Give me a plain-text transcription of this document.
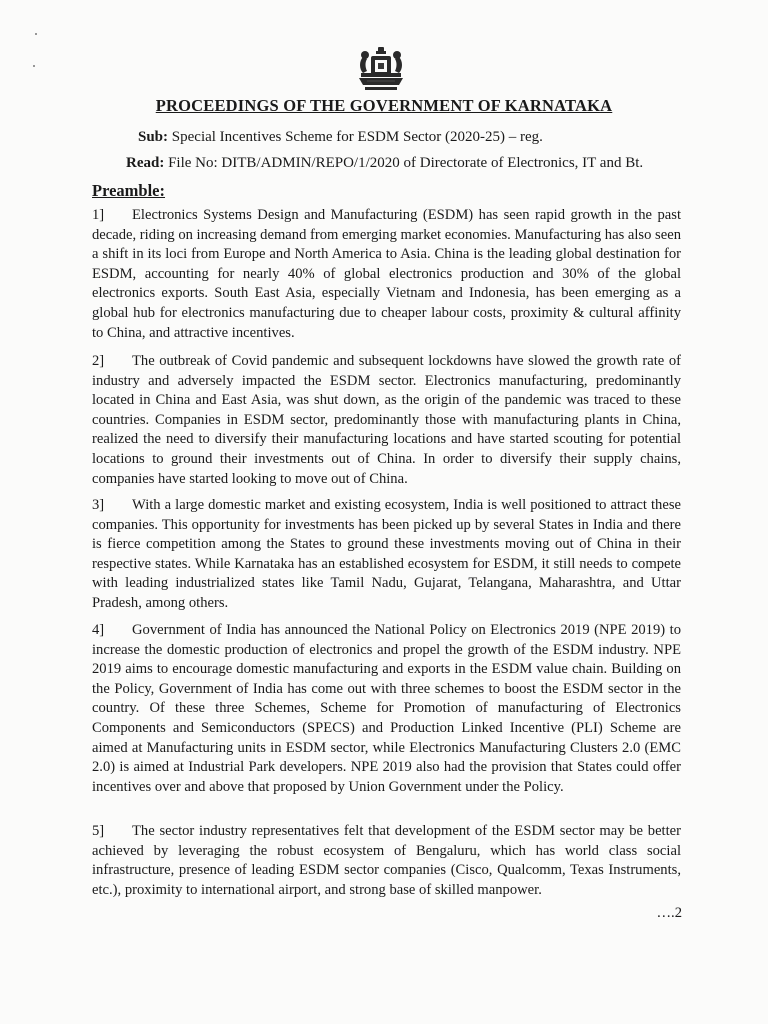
PROCEEDINGS OF THE GOVERNMENT OF KARNATAKA
Sub: Special Incentives Scheme for ESDM Sector (2020-25) – reg.
Read: File No: DITB/ADMIN/REPO/1/2020 of Directorate of Electronics, IT and Bt.
Preamble:

1] Electronics Systems Design and Manufacturing (ESDM) has seen rapid growth in the past decade, riding on increasing demand from emerging market economies. Manufacturing has also seen a shift in its loci from Europe and North America to Asia. China is the leading global destination for ESDM, accounting for nearly 40% of global electronics production and 30% of the global electronics exports. South East Asia, especially Vietnam and Indonesia, has been emerging as a global hub for electronics manufacturing due to cheaper labour costs, proximity & cultural affinity to China, and attractive incentives.

2] The outbreak of Covid pandemic and subsequent lockdowns have slowed the growth rate of industry and adversely impacted the ESDM sector. Electronics manufacturing, predominantly located in China and East Asia, was shut down, as the origin of the pandemic was traced to these countries. Companies in ESDM sector, predominantly those with manufacturing plants in China, realized the need to diversify their manufacturing locations and have started scouting for potential locations to ground their investments out of China. In order to diversify their supply chains, companies have started looking to move out of China.

3] With a large domestic market and existing ecosystem, India is well positioned to attract these companies. This opportunity for investments has been picked up by several States in India and there is fierce competition among the States to ground these investments moving out of China in their respective states. While Karnataka has an established ecosystem for ESDM, it still needs to compete with leading industrialized states like Tamil Nadu, Gujarat, Telangana, Maharashtra, and Uttar Pradesh, among others.

4] Government of India has announced the National Policy on Electronics 2019 (NPE 2019) to increase the domestic production of electronics and propel the growth of the ESDM industry. NPE 2019 aims to encourage domestic manufacturing and exports in the ESDM value chain. Building on the Policy, Government of India has come out with three schemes to boost the ESDM sector in the country. Of these three Schemes, Scheme for Promotion of manufacturing of Electronics Components and Semiconductors (SPECS) and Production Linked Incentive (PLI) Scheme are aimed at Manufacturing units in ESDM sector, while Electronics Manufacturing Clusters 2.0 (EMC 2.0) is aimed at Industrial Park developers. NPE 2019 also had the provision that States could offer incentives over and above that proposed by Union Government under the Policy.

5] The sector industry representatives felt that development of the ESDM sector may be better achieved by leveraging the robust ecosystem of Bengaluru, which has world class social infrastructure, presence of leading ESDM sector companies (Cisco, Qualcomm, Texas Instruments, etc.), proximity to international airport, and strong base of skilled manpower.

….2
